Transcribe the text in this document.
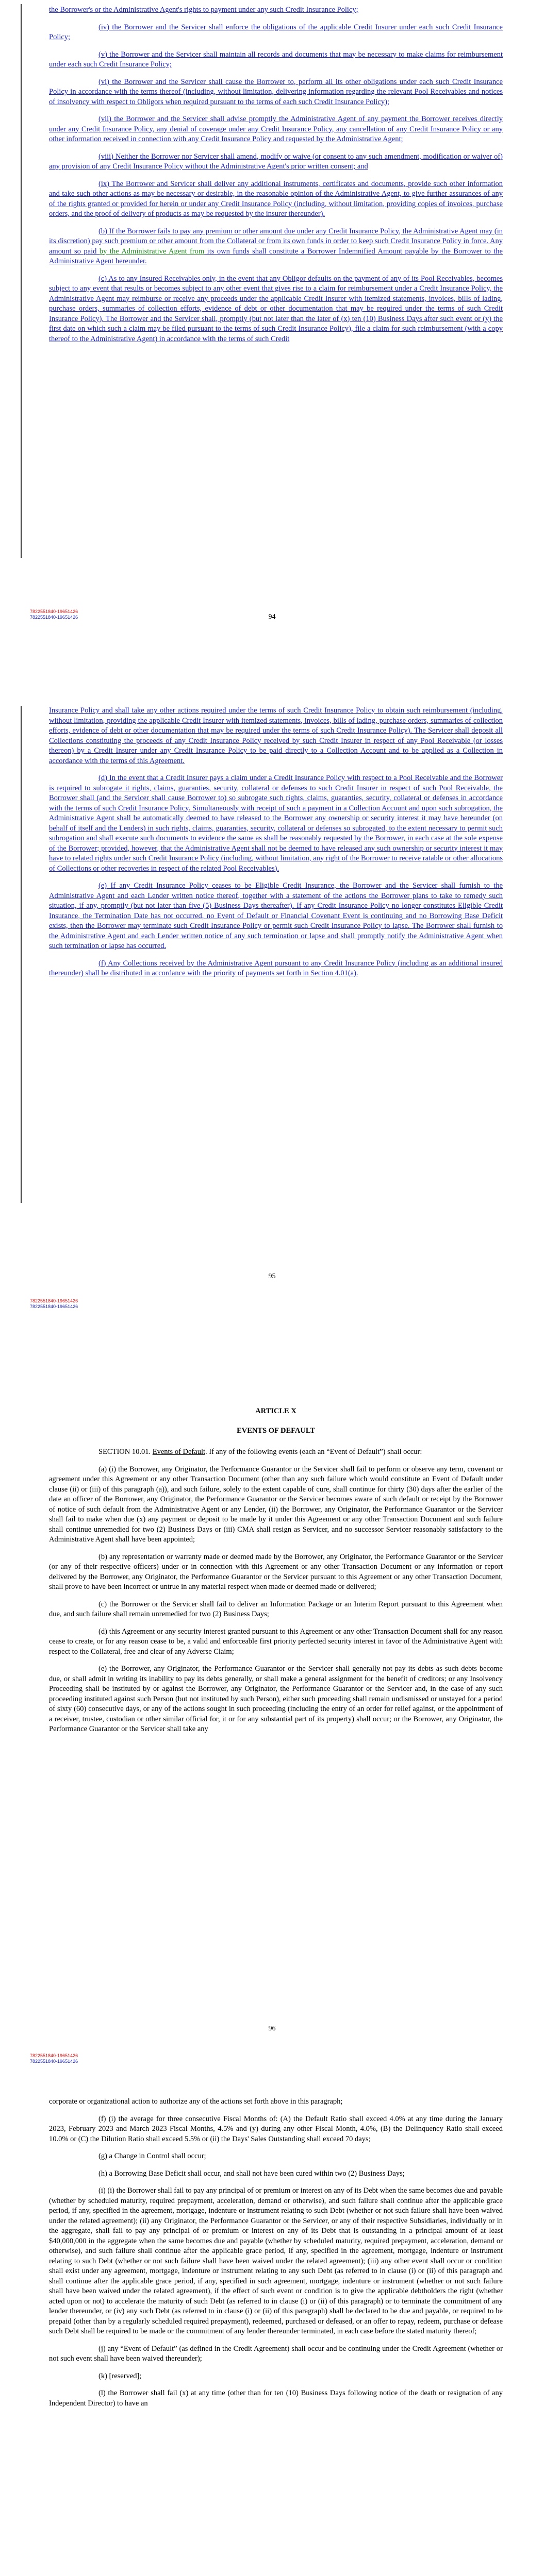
the Borrower's or the Administrative Agent's rights to payment under any such Credit Insurance Policy;

(iv) the Borrower and the Servicer shall enforce the obligations of the applicable Credit Insurer under each such Credit Insurance Policy;

(v) the Borrower and the Servicer shall maintain all records and documents that may be necessary to make claims for reimbursement under each such Credit Insurance Policy;

(vi) the Borrower and the Servicer shall cause the Borrower to, perform all its other obligations under each such Credit Insurance Policy in accordance with the terms thereof (including, without limitation, delivering information regarding the relevant Pool Receivables and notices of insolvency with respect to Obligors when required pursuant to the terms of each such Credit Insurance Policy);

(vii) the Borrower and the Servicer shall advise promptly the Administrative Agent of any payment the Borrower receives directly under any Credit Insurance Policy, any denial of coverage under any Credit Insurance Policy, any cancellation of any Credit Insurance Policy or any other information received in connection with any Credit Insurance Policy and requested by the Administrative Agent;

(viii) Neither the Borrower nor Servicer shall amend, modify or waive (or consent to any such amendment, modification or waiver of) any provision of any Credit Insurance Policy without the Administrative Agent's prior written consent; and

(ix) The Borrower and Servicer shall deliver any additional instruments, certificates and documents, provide such other information and take such other actions as may be necessary or desirable, in the reasonable opinion of the Administrative Agent, to give further assurances of any of the rights granted or provided for herein or under any Credit Insurance Policy (including, without limitation, providing copies of invoices, purchase orders, and the proof of delivery of products as may be requested by the insurer thereunder).

(b) If the Borrower fails to pay any premium or other amount due under any Credit Insurance Policy, the Administrative Agent may (in its discretion) pay such premium or other amount from the Collateral or from its own funds in order to keep such Credit Insurance Policy in force. Any amount so paid by the Administrative Agent from its own funds shall constitute a Borrower Indemnified Amount payable by the Borrower to the Administrative Agent hereunder.

(c) As to any Insured Receivables only, in the event that any Obligor defaults on the payment of any of its Pool Receivables, becomes subject to any event that results or becomes subject to any other event that gives rise to a claim for reimbursement under a Credit Insurance Policy, the Administrative Agent may reimburse or receive any proceeds under the applicable Credit Insurer with itemized statements, invoices, bills of lading, purchase orders, summaries of collection efforts, evidence of debt or other documentation that may be required under the terms of such Credit Insurance Policy). The Borrower and the Servicer shall, promptly (but not later than the later of (x) ten (10) Business Days after such event or (y) the first date on which such a claim may be filed pursuant to the terms of such Credit Insurance Policy), file a claim for such reimbursement (with a copy thereof to the Administrative Agent) in accordance with the terms of such Credit

94
7822551840-19651426
7822551840-19651426

Insurance Policy and shall take any other actions required under the terms of such Credit Insurance Policy to obtain such reimbursement (including, without limitation, providing the applicable Credit Insurer with itemized statements, invoices, bills of lading, purchase orders, summaries of collection efforts, evidence of debt or other documentation that may be required under the terms of such Credit Insurance Policy). The Servicer shall deposit all Collections constituting the proceeds of any Credit Insurance Policy received by such Credit Insurer in respect of any Pool Receivable (or losses thereon) by a Credit Insurer under any Credit Insurance Policy to be paid directly to a Collection Account and to be applied as a Collection in accordance with the terms of this Agreement.

(d) In the event that a Credit Insurer pays a claim under a Credit Insurance Policy with respect to a Pool Receivable and the Borrower is required to subrogate it rights, claims, guaranties, security, collateral or defenses to such Credit Insurer in respect of such Pool Receivable, the Borrower shall (and the Servicer shall cause Borrower to) so subrogate such rights, claims, guaranties, security, collateral or defenses in accordance with the terms of such Credit Insurance Policy. Simultaneously with receipt of such a payment in a Collection Account and upon such subrogation, the Administrative Agent shall be automatically deemed to have released to the Borrower any ownership or security interest it may have hereunder (on behalf of itself and the Lenders) in such rights, claims, guaranties, security, collateral or defenses so subrogated, to the extent necessary to permit such subrogation and shall execute such documents to evidence the same as shall be reasonably requested by the Borrower, in each case at the sole expense of the Borrower; provided, however, that the Administrative Agent shall not be deemed to have released any such ownership or security interest it may have to related rights under such Credit Insurance Policy (including, without limitation, any right of the Borrower to receive ratable or other allocations of Collections or other recoveries in respect of the related Pool Receivables).

(e) If any Credit Insurance Policy ceases to be Eligible Credit Insurance, the Borrower and the Servicer shall furnish to the Administrative Agent and each Lender written notice thereof, together with a statement of the actions the Borrower plans to take to remedy such situation, if any, promptly (but not later than five (5) Business Days thereafter). If any Credit Insurance Policy no longer constitutes Eligible Credit Insurance, the Termination Date has not occurred, no Event of Default or Financial Covenant Event is continuing and no Borrowing Base Deficit exists, then the Borrower may terminate such Credit Insurance Policy or permit such Credit Insurance Policy to lapse. The Borrower shall furnish to the Administrative Agent and each Lender written notice of any such termination or lapse and shall promptly notify the Administrative Agent when such termination or lapse has occurred.

(f) Any Collections received by the Administrative Agent pursuant to any Credit Insurance Policy (including as an additional insured thereunder) shall be distributed in accordance with the priority of payments set forth in Section 4.01(a).

95
7822551840-19651426
7822551840-19651426

ARTICLE X

EVENTS OF DEFAULT

SECTION 10.01. Events of Default. If any of the following events (each an “Event of Default”) shall occur:

(a) (i) the Borrower, any Originator, the Performance Guarantor or the Servicer shall fail to perform or observe any term, covenant or agreement under this Agreement or any other Transaction Document (other than any such failure which would constitute an Event of Default under clause (ii) or (iii) of this paragraph (a)), and such failure, solely to the extent capable of cure, shall continue for thirty (30) days after the earlier of the date an officer of the Borrower, any Originator, the Performance Guarantor or the Servicer becomes aware of such default or receipt by the Borrower of notice of such default from the Administrative Agent or any Lender, (ii) the Borrower, any Originator, the Performance Guarantor or the Servicer shall fail to make when due (x) any payment or deposit to be made by it under this Agreement or any other Transaction Document and such failure shall continue unremedied for two (2) Business Days or (iii) CMA shall resign as Servicer, and no successor Servicer reasonably satisfactory to the Administrative Agent shall have been appointed;

(b) any representation or warranty made or deemed made by the Borrower, any Originator, the Performance Guarantor or the Servicer (or any of their respective officers) under or in connection with this Agreement or any other Transaction Document or any information or report delivered by the Borrower, any Originator, the Performance Guarantor or the Servicer pursuant to this Agreement or any other Transaction Document, shall prove to have been incorrect or untrue in any material respect when made or deemed made or delivered;

(c) the Borrower or the Servicer shall fail to deliver an Information Package or an Interim Report pursuant to this Agreement when due, and such failure shall remain unremedied for two (2) Business Days;

(d) this Agreement or any security interest granted pursuant to this Agreement or any other Transaction Document shall for any reason cease to create, or for any reason cease to be, a valid and enforceable first priority perfected security interest in favor of the Administrative Agent with respect to the Collateral, free and clear of any Adverse Claim;

(e) the Borrower, any Originator, the Performance Guarantor or the Servicer shall generally not pay its debts as such debts become due, or shall admit in writing its inability to pay its debts generally, or shall make a general assignment for the benefit of creditors; or any Insolvency Proceeding shall be instituted by or against the Borrower, any Originator, the Performance Guarantor or the Servicer and, in the case of any such proceeding instituted against such Person (but not instituted by such Person), either such proceeding shall remain undismissed or unstayed for a period of sixty (60) consecutive days, or any of the actions sought in such proceeding (including the entry of an order for relief against, or the appointment of a receiver, trustee, custodian or other similar official for, it or for any substantial part of its property) shall occur; or the Borrower, any Originator, the Performance Guarantor or the Servicer shall take any

96
7822551840-19651426
7822551840-19651426

corporate or organizational action to authorize any of the actions set forth above in this paragraph;

(f) (i) the average for three consecutive Fiscal Months of: (A) the Default Ratio shall exceed 4.0% at any time during the January 2023, February 2023 and March 2023 Fiscal Months, 4.5% and (y) during any other Fiscal Month, 4.0%, (B) the Delinquency Ratio shall exceed 10.0% or (C) the Dilution Ratio shall exceed 5.5% or (ii) the Days' Sales Outstanding shall exceed 70 days;

(g) a Change in Control shall occur;

(h) a Borrowing Base Deficit shall occur, and shall not have been cured within two (2) Business Days;

(i) (i) the Borrower shall fail to pay any principal of or premium or interest on any of its Debt when the same becomes due and payable (whether by scheduled maturity, required prepayment, acceleration, demand or otherwise), and such failure shall continue after the applicable grace period, if any, specified in the agreement, mortgage, indenture or instrument relating to such Debt (whether or not such failure shall have been waived under the related agreement); (ii) any Originator, the Performance Guarantor or the Servicer, or any of their respective Subsidiaries, individually or in the aggregate, shall fail to pay any principal of or premium or interest on any of its Debt that is outstanding in a principal amount of at least $40,000,000 in the aggregate when the same becomes due and payable (whether by scheduled maturity, required prepayment, acceleration, demand or otherwise), and such failure shall continue after the applicable grace period, if any, specified in the agreement, mortgage, indenture or instrument relating to such Debt (whether or not such failure shall have been waived under the related agreement); (iii) any other event shall occur or condition shall exist under any agreement, mortgage, indenture or instrument relating to any such Debt (as referred to in clause (i) or (ii) of this paragraph and shall continue after the applicable grace period, if any, specified in such agreement, mortgage, indenture or instrument (whether or not such failure shall have been waived under the related agreement), if the effect of such event or condition is to give the applicable debtholders the right (whether acted upon or not) to accelerate the maturity of such Debt (as referred to in clause (i) or (ii) of this paragraph) or to terminate the commitment of any lender thereunder, or (iv) any such Debt (as referred to in clause (i) or (ii) of this paragraph) shall be declared to be due and payable, or required to be prepaid (other than by a regularly scheduled required prepayment), redeemed, purchased or defeased, or an offer to repay, redeem, purchase or defease such Debt shall be required to be made or the commitment of any lender thereunder terminated, in each case before the stated maturity thereof;

(j) any “Event of Default” (as defined in the Credit Agreement) shall occur and be continuing under the Credit Agreement (whether or not such event shall have been waived thereunder);

(k) [reserved];

(l) the Borrower shall fail (x) at any time (other than for ten (10) Business Days following notice of the death or resignation of any Independent Director) to have an
